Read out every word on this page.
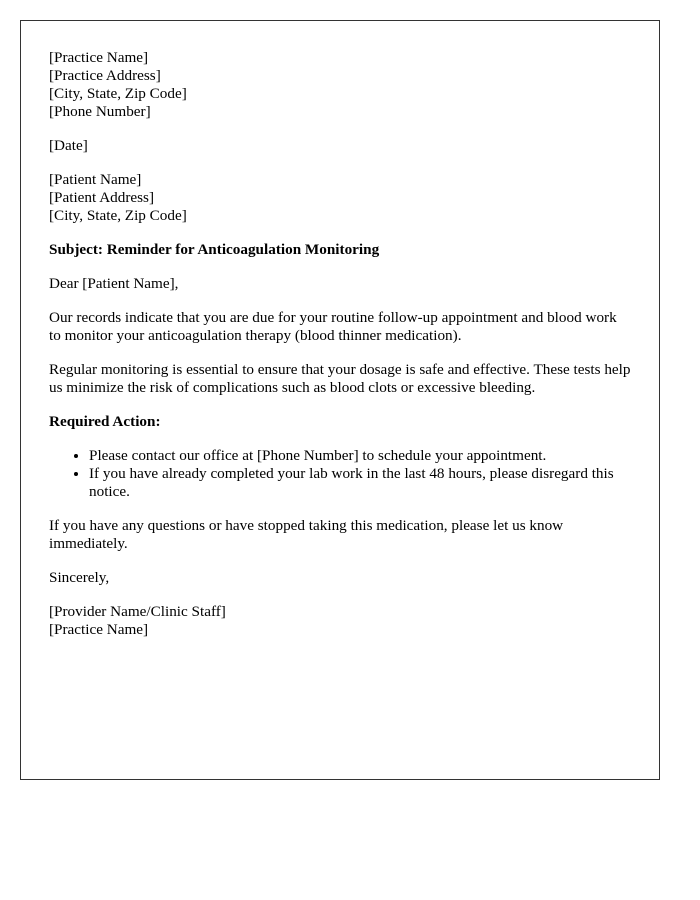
[Practice Name]
[Practice Address]
[City, State, Zip Code]
[Phone Number]
[Date]
[Patient Name]
[Patient Address]
[City, State, Zip Code]

Subject: Reminder for Anticoagulation Monitoring

Dear [Patient Name],

Our records indicate that you are due for your routine follow-up appointment and blood work to monitor your anticoagulation therapy (blood thinner medication).

Regular monitoring is essential to ensure that your dosage is safe and effective. These tests help us minimize the risk of complications such as blood clots or excessive bleeding.

Required Action:

• Please contact our office at [Phone Number] to schedule your appointment.
• If you have already completed your lab work in the last 48 hours, please disregard this notice.

If you have any questions or have stopped taking this medication, please let us know immediately.

Sincerely,

[Provider Name/Clinic Staff]
[Practice Name]
